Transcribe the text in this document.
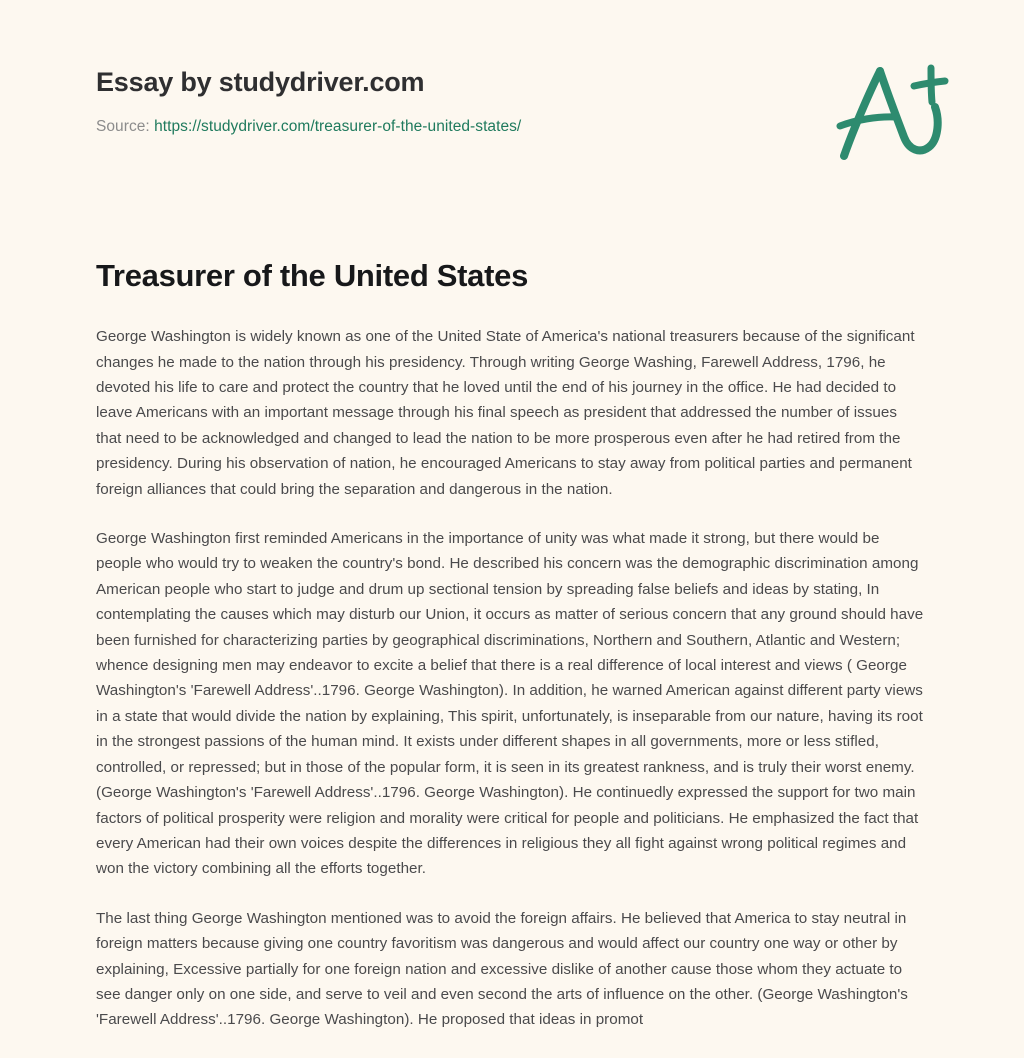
Essay by studydriver.com
Source: https://studydriver.com/treasurer-of-the-united-states/
Treasurer of the United States

George Washington is widely known as one of the United State of America's national treasurers because of the significant changes he made to the nation through his presidency. Through writing George Washing, Farewell Address, 1796, he devoted his life to care and protect the country that he loved until the end of his journey in the office. He had decided to leave Americans with an important message through his final speech as president that addressed the number of issues that need to be acknowledged and changed to lead the nation to be more prosperous even after he had retired from the presidency. During his observation of nation, he encouraged Americans to stay away from political parties and permanent foreign alliances that could bring the separation and dangerous in the nation.

George Washington first reminded Americans in the importance of unity was what made it strong, but there would be people who would try to weaken the country's bond. He described his concern was the demographic discrimination among American people who start to judge and drum up sectional tension by spreading false beliefs and ideas by stating, In contemplating the causes which may disturb our Union, it occurs as matter of serious concern that any ground should have been furnished for characterizing parties by geographical discriminations, Northern and Southern, Atlantic and Western; whence designing men may endeavor to excite a belief that there is a real difference of local interest and views ( George Washington's 'Farewell Address'..1796. George Washington). In addition, he warned American against different party views in a state that would divide the nation by explaining, This spirit, unfortunately, is inseparable from our nature, having its root in the strongest passions of the human mind. It exists under different shapes in all governments, more or less stifled, controlled, or repressed; but in those of the popular form, it is seen in its greatest rankness, and is truly their worst enemy. (George Washington's 'Farewell Address'..1796. George Washington). He continuedly expressed the support for two main factors of political prosperity were religion and morality were critical for people and politicians. He emphasized the fact that every American had their own voices despite the differences in religious they all fight against wrong political regimes and won the victory combining all the efforts together.

The last thing George Washington mentioned was to avoid the foreign affairs. He believed that America to stay neutral in foreign matters because giving one country favoritism was dangerous and would affect our country one way or other by explaining, Excessive partially for one foreign nation and excessive dislike of another cause those whom they actuate to see danger only on one side, and serve to veil and even second the arts of influence on the other. (George Washington's 'Farewell Address'..1796. George Washington). He proposed that ideas in promot
